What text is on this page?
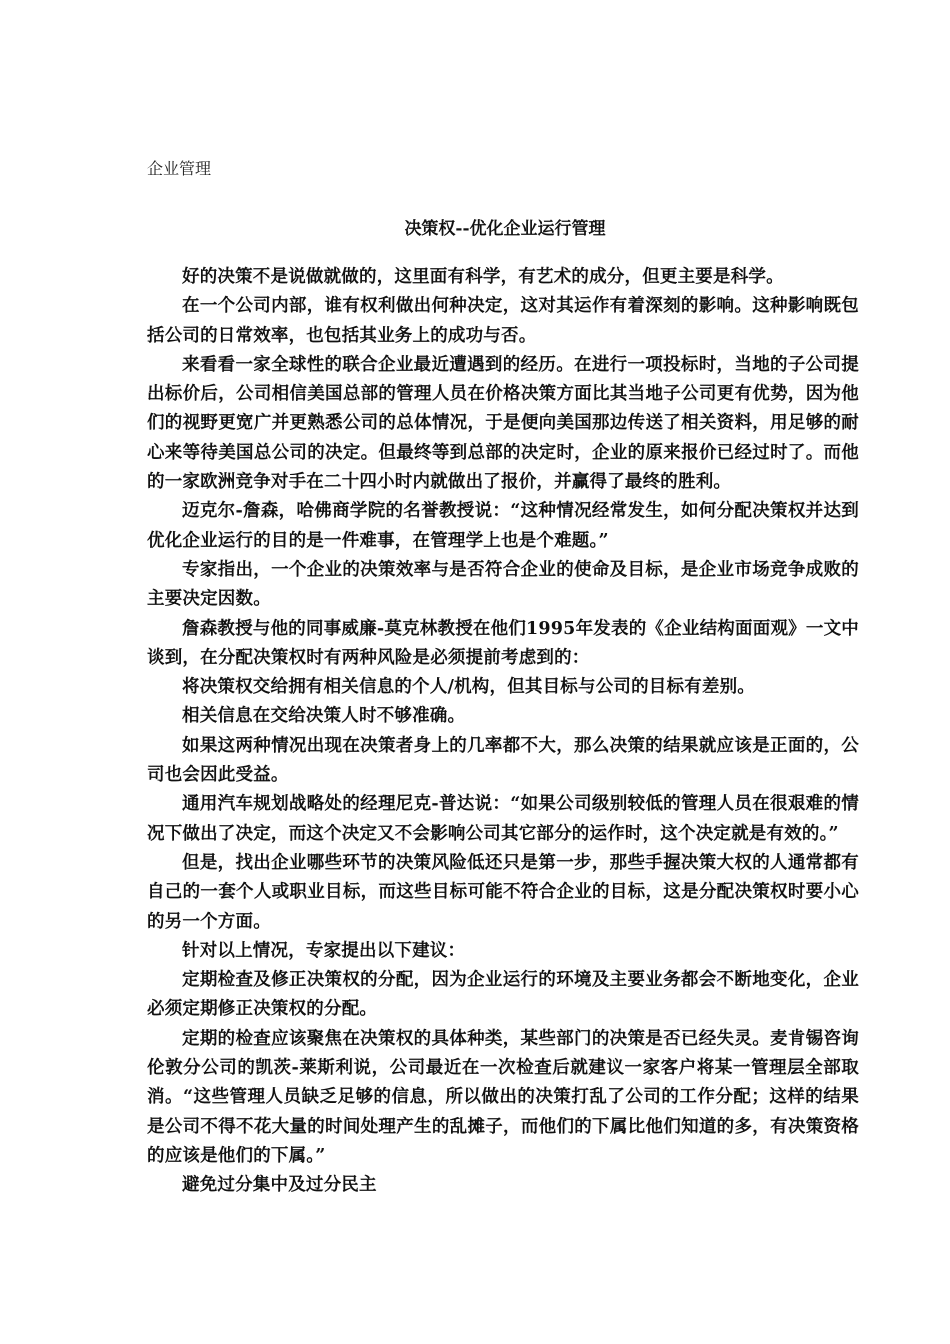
企业管理
决策权--优化企业运行管理

好的决策不是说做就做的，这里面有科学，有艺术的成分，但更主要是科学。

在一个公司内部，谁有权利做出何种决定，这对其运作有着深刻的影响。这种影响既包括公司的日常效率，也包括其业务上的成功与否。

来看看一家全球性的联合企业最近遭遇到的经历。在进行一项投标时，当地的子公司提出标价后，公司相信美国总部的管理人员在价格决策方面比其当地子公司更有优势，因为他们的视野更宽广并更熟悉公司的总体情况，于是便向美国那边传送了相关资料，用足够的耐心来等待美国总公司的决定。但最终等到总部的决定时，企业的原来报价已经过时了。而他的一家欧洲竞争对手在二十四小时内就做出了报价，并赢得了最终的胜利。

迈克尔-詹森，哈佛商学院的名誉教授说：“这种情况经常发生，如何分配决策权并达到优化企业运行的目的是一件难事，在管理学上也是个难题。”

专家指出，一个企业的决策效率与是否符合企业的使命及目标，是企业市场竞争成败的主要决定因数。

詹森教授与他的同事威廉-莫克林教授在他们1995年发表的《企业结构面面观》一文中谈到，在分配决策权时有两种风险是必须提前考虑到的：

将决策权交给拥有相关信息的个人/机构，但其目标与公司的目标有差别。

相关信息在交给决策人时不够准确。

如果这两种情况出现在决策者身上的几率都不大，那么决策的结果就应该是正面的，公司也会因此受益。

通用汽车规划战略处的经理尼克-普达说：“如果公司级别较低的管理人员在很艰难的情况下做出了决定，而这个决定又不会影响公司其它部分的运作时，这个决定就是有效的。”

但是，找出企业哪些环节的决策风险低还只是第一步，那些手握决策大权的人通常都有自己的一套个人或职业目标，而这些目标可能不符合企业的目标，这是分配决策权时要小心的另一个方面。

针对以上情况，专家提出以下建议：

定期检查及修正决策权的分配，因为企业运行的环境及主要业务都会不断地变化，企业必须定期修正决策权的分配。

定期的检查应该聚焦在决策权的具体种类，某些部门的决策是否已经失灵。麦肯锡咨询伦敦分公司的凯茨-莱斯利说，公司最近在一次检查后就建议一家客户将某一管理层全部取消。“这些管理人员缺乏足够的信息，所以做出的决策打乱了公司的工作分配；这样的结果是公司不得不花大量的时间处理产生的乱摊子，而他们的下属比他们知道的多，有决策资格的应该是他们的下属。”

避免过分集中及过分民主
